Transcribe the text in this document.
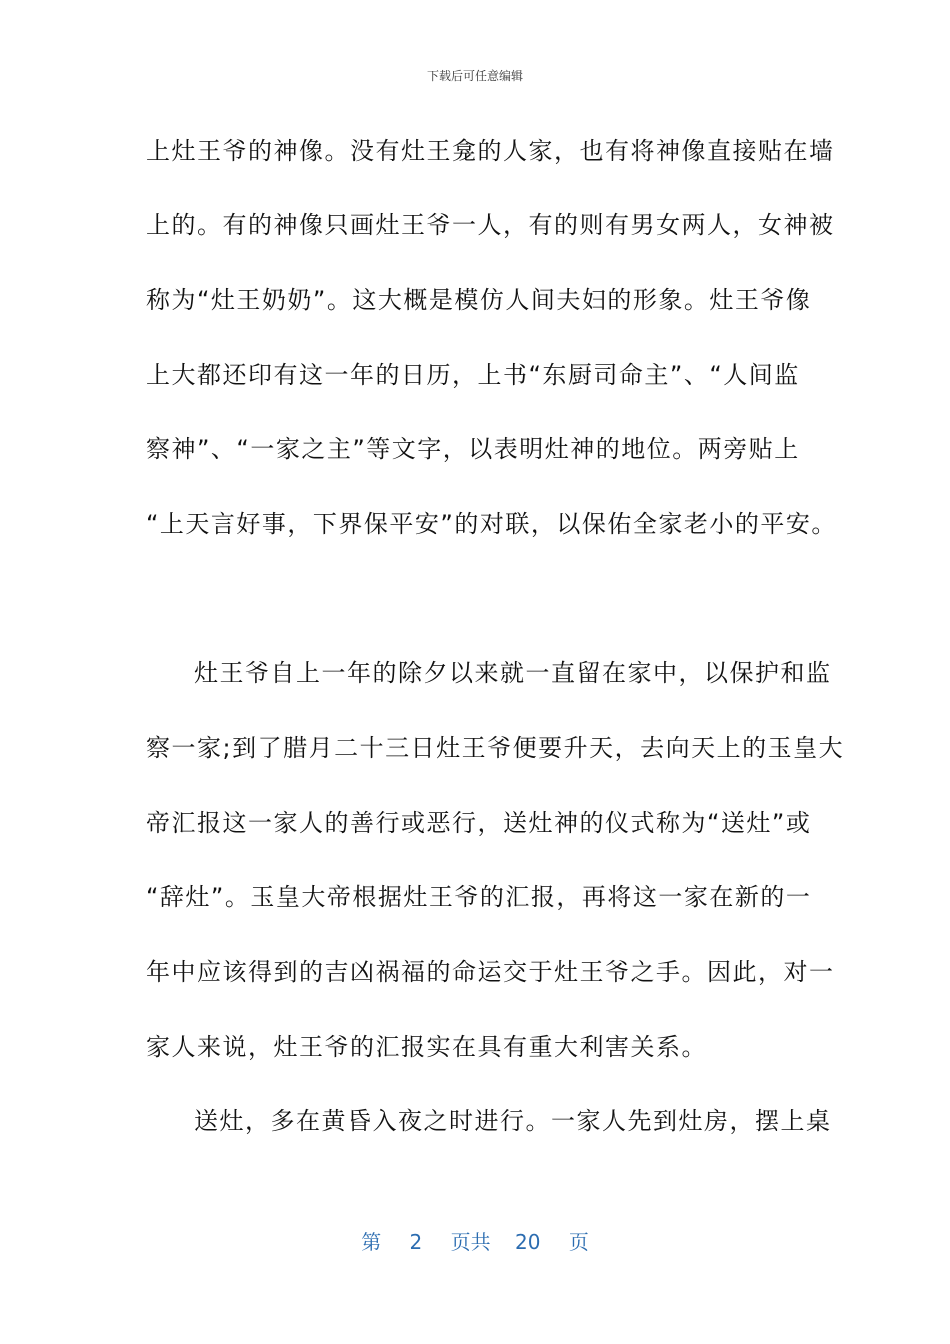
下载后可任意编辑
上灶王爷的神像。没有灶王龛的人家，也有将神像直接贴在墙
上的。有的神像只画灶王爷一人，有的则有男女两人，女神被
称为“灶王奶奶”。这大概是模仿人间夫妇的形象。灶王爷像
上大都还印有这一年的日历，上书“东厨司命主”、“人间监
察神”、“一家之主”等文字，以表明灶神的地位。两旁贴上
“上天言好事，下界保平安”的对联，以保佑全家老小的平安。
灶王爷自上一年的除夕以来就一直留在家中，以保护和监
察一家;到了腊月二十三日灶王爷便要升天，去向天上的玉皇大
帝汇报这一家人的善行或恶行，送灶神的仪式称为“送灶”或
“辞灶”。玉皇大帝根据灶王爷的汇报，再将这一家在新的一
年中应该得到的吉凶祸福的命运交于灶王爷之手。因此，对一
家人来说，灶王爷的汇报实在具有重大利害关系。
送灶，多在黄昏入夜之时进行。一家人先到灶房，摆上桌
第 2 页共 20 页
